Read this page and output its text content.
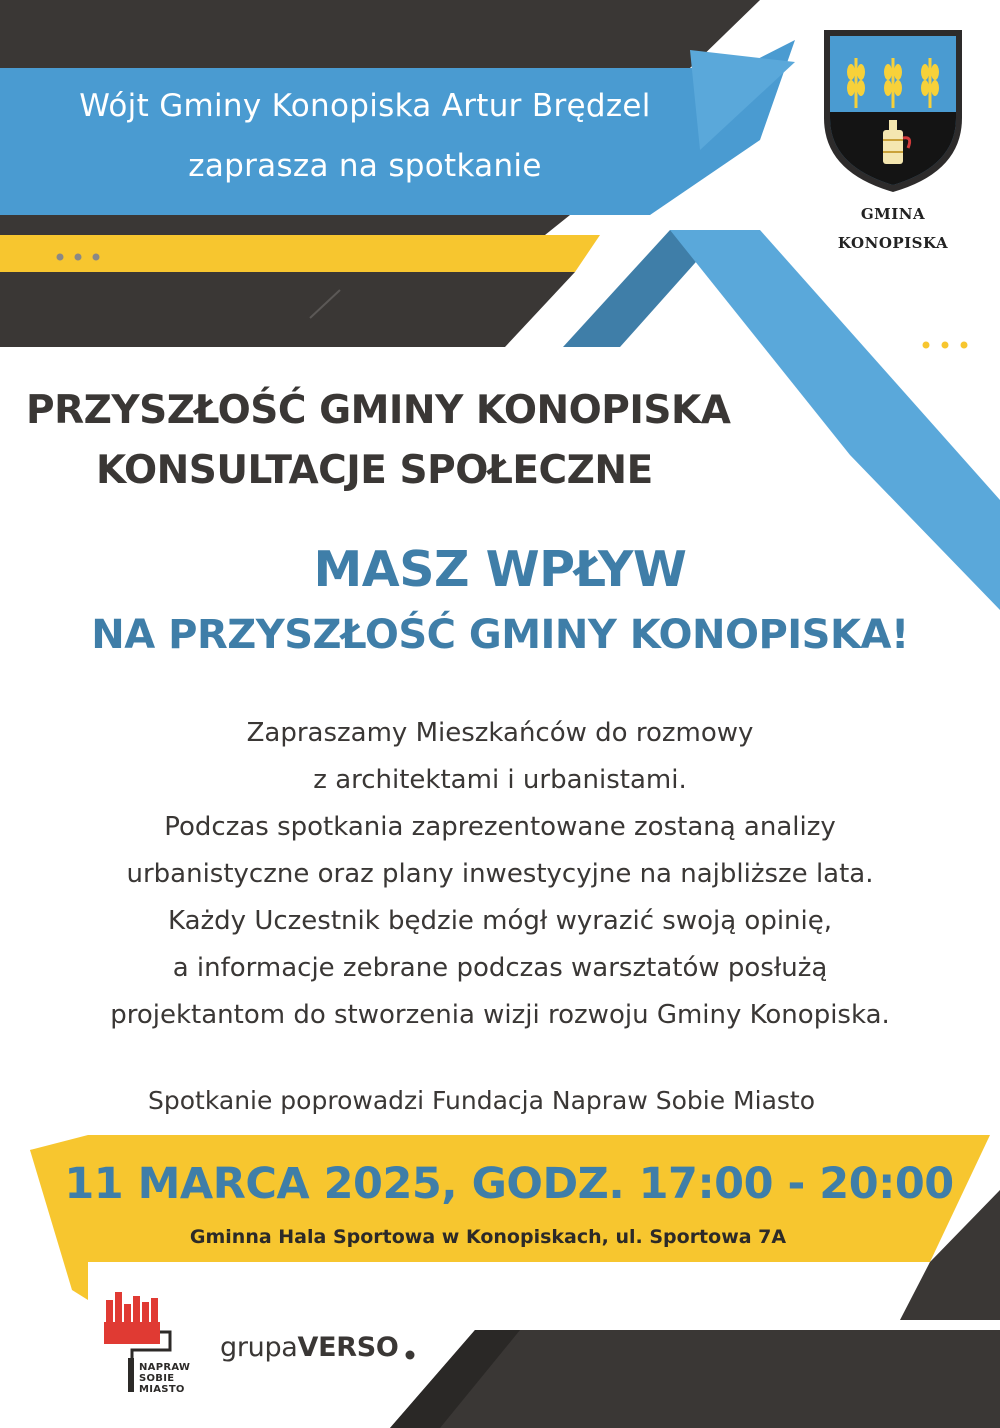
Wójt Gminy Konopiska Artur Brędzel
zaprasza na spotkanie
GMINA
KONOPISKA
PRZYSZŁOŚĆ GMINY KONOPISKA
KONSULTACJE SPOŁECZNE
MASZ WPŁYW
NA PRZYSZŁOŚĆ GMINY KONOPISKA!
Zapraszamy Mieszkańców do rozmowy
z architektami i urbanistami.
Podczas spotkania zaprezentowane zostaną analizy
urbanistyczne oraz plany inwestycyjne na najbliższe lata.
Każdy Uczestnik będzie mógł wyrazić swoją opinię,
a informacje zebrane podczas warsztatów posłużą
projektantom do stworzenia wizji rozwoju Gminy Konopiska.
Spotkanie poprowadzi Fundacja Napraw Sobie Miasto
11 MARCA 2025, GODZ. 17:00 - 20:00
Gminna Hala Sportowa w Konopiskach, ul. Sportowa 7A
NAPRAW
SOBIE
MIASTO
grupaVERSO
